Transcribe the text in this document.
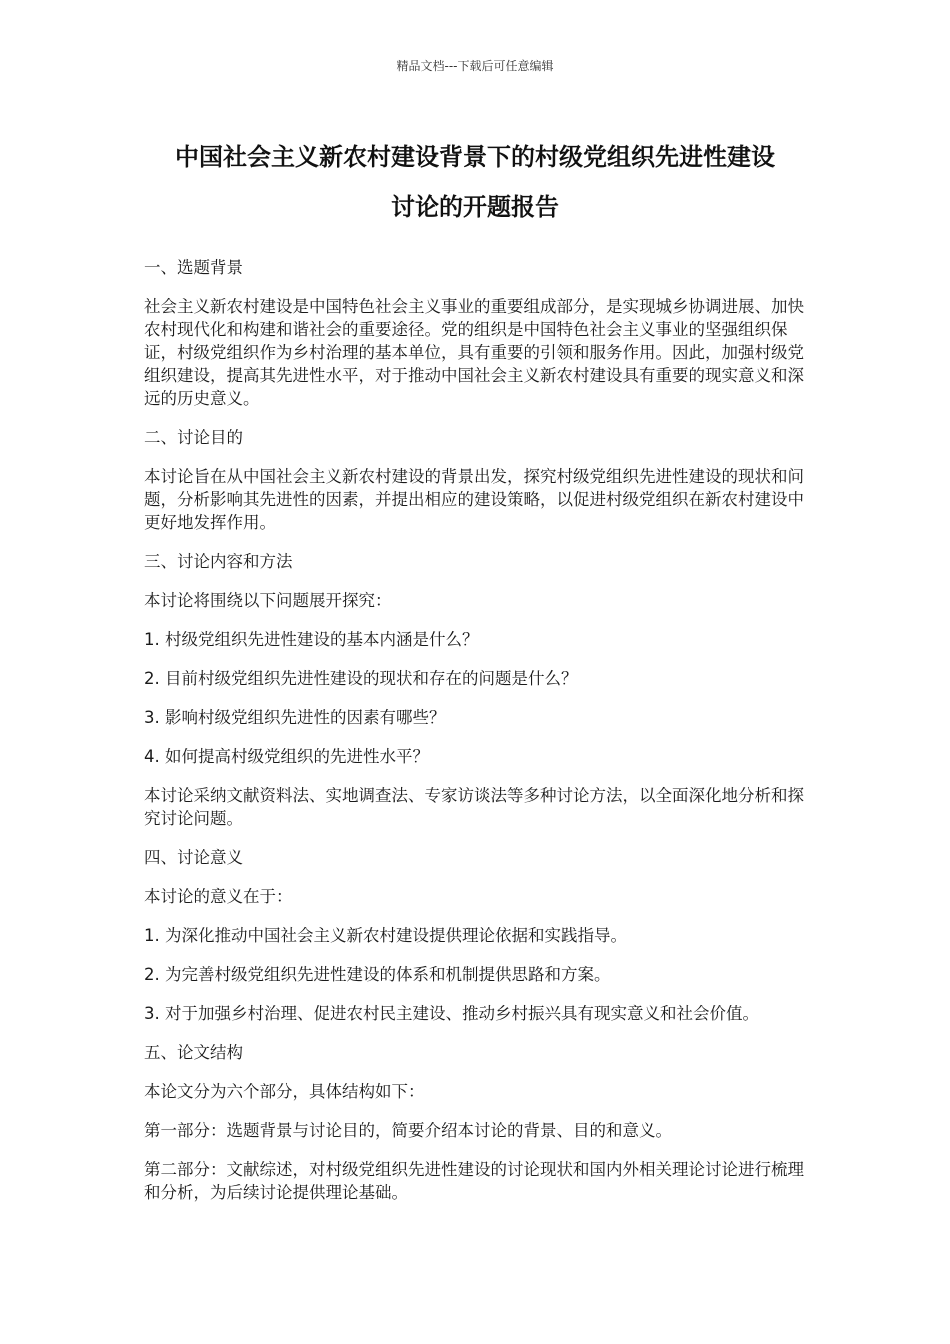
精品文档---下载后可任意编辑
中国社会主义新农村建设背景下的村级党组织先进性建设
讨论的开题报告

一、选题背景

社会主义新农村建设是中国特色社会主义事业的重要组成部分，是实现城乡协调进展、加快农村现代化和构建和谐社会的重要途径。党的组织是中国特色社会主义事业的坚强组织保证，村级党组织作为乡村治理的基本单位，具有重要的引领和服务作用。因此，加强村级党组织建设，提高其先进性水平，对于推动中国社会主义新农村建设具有重要的现实意义和深远的历史意义。

二、讨论目的

本讨论旨在从中国社会主义新农村建设的背景出发，探究村级党组织先进性建设的现状和问题，分析影响其先进性的因素，并提出相应的建设策略，以促进村级党组织在新农村建设中更好地发挥作用。

三、讨论内容和方法

本讨论将围绕以下问题展开探究：

1. 村级党组织先进性建设的基本内涵是什么？

2. 目前村级党组织先进性建设的现状和存在的问题是什么？

3. 影响村级党组织先进性的因素有哪些？

4. 如何提高村级党组织的先进性水平？

本讨论采纳文献资料法、实地调查法、专家访谈法等多种讨论方法，以全面深化地分析和探究讨论问题。

四、讨论意义

本讨论的意义在于：

1. 为深化推动中国社会主义新农村建设提供理论依据和实践指导。

2. 为完善村级党组织先进性建设的体系和机制提供思路和方案。

3. 对于加强乡村治理、促进农村民主建设、推动乡村振兴具有现实意义和社会价值。

五、论文结构

本论文分为六个部分，具体结构如下：

第一部分：选题背景与讨论目的，简要介绍本讨论的背景、目的和意义。

第二部分：文献综述，对村级党组织先进性建设的讨论现状和国内外相关理论讨论进行梳理和分析，为后续讨论提供理论基础。
